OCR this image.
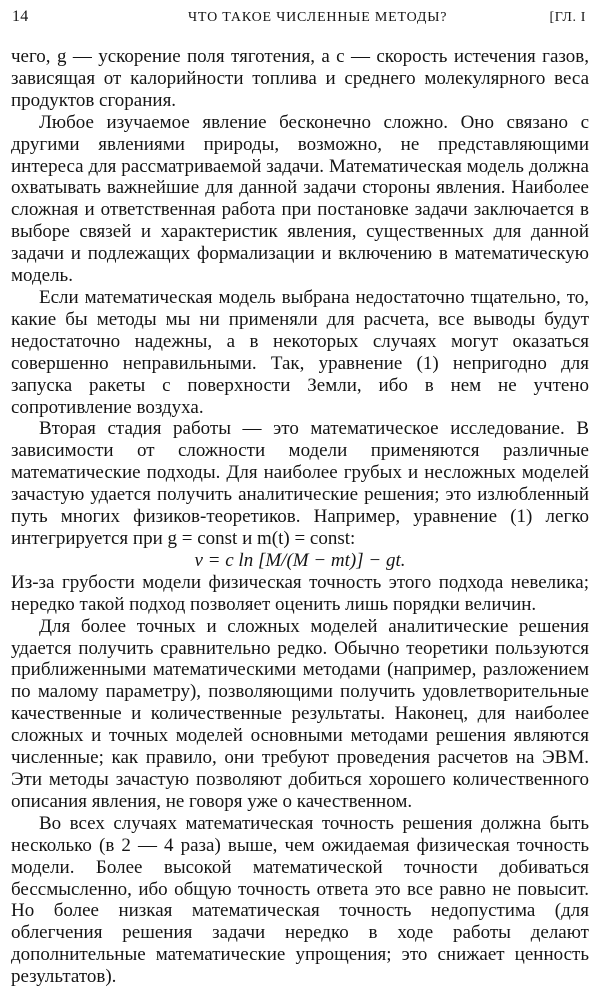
14	ЧТО ТАКОЕ ЧИСЛЕННЫЕ МЕТОДЫ?	[ГЛ. I

чего, g — ускорение поля тяготения, а c — скорость истечения газов, зависящая от калорийности топлива и среднего молекулярного веса продуктов сгорания.

Любое изучаемое явление бесконечно сложно. Оно связано с другими явлениями природы, возможно, не представляющими интереса для рассматриваемой задачи. Математическая модель должна охватывать важнейшие для данной задачи стороны явления. Наиболее сложная и ответственная работа при постановке задачи заключается в выборе связей и характеристик явления, существенных для данной задачи и подлежащих формализации и включению в математическую модель.

Если математическая модель выбрана недостаточно тщательно, то, какие бы методы мы ни применяли для расчета, все выводы будут недостаточно надежны, а в некоторых случаях могут оказаться совершенно неправильными. Так, уравнение (1) непригодно для запуска ракеты с поверхности Земли, ибо в нем не учтено сопротивление воздуха.

Вторая стадия работы — это математическое исследование. В зависимости от сложности модели применяются различные математические подходы. Для наиболее грубых и несложных моделей зачастую удается получить аналитические решения; это излюбленный путь многих физиков-теоретиков. Например, уравнение (1) легко интегрируется при g = const и m(t) = const:

v = c ln [M/(M − mt)] − gt.

Из-за грубости модели физическая точность этого подхода невелика; нередко такой подход позволяет оценить лишь порядки величин.

Для более точных и сложных моделей аналитические решения удается получить сравнительно редко. Обычно теоретики пользуются приближенными математическими методами (например, разложением по малому параметру), позволяющими получить удовлетворительные качественные и количественные результаты. Наконец, для наиболее сложных и точных моделей основными методами решения являются численные; как правило, они требуют проведения расчетов на ЭВМ. Эти методы зачастую позволяют добиться хорошего количественного описания явления, не говоря уже о качественном.

Во всех случаях математическая точность решения должна быть несколько (в 2 — 4 раза) выше, чем ожидаемая физическая точность модели. Более высокой математической точности добиваться бессмысленно, ибо общую точность ответа это все равно не повысит. Но более низкая математическая точность недопустима (для облегчения решения задачи нередко в ходе работы делают дополнительные математические упрощения; это снижает ценность результатов).
